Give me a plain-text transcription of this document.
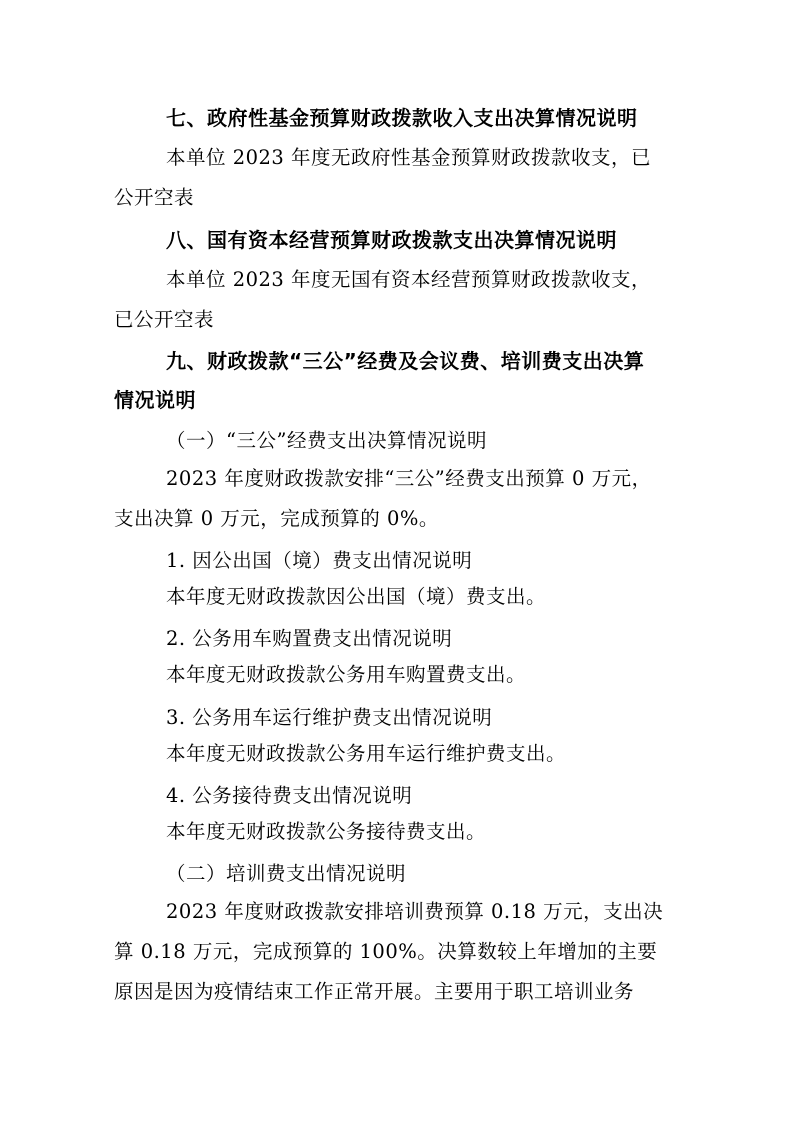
七、政府性基金预算财政拨款收入支出决算情况说明
本单位 2023 年度无政府性基金预算财政拨款收支，已
公开空表
八、国有资本经营预算财政拨款支出决算情况说明
本单位 2023 年度无国有资本经营预算财政拨款收支，
已公开空表
九、财政拨款“三公”经费及会议费、培训费支出决算
情况说明
（一）“三公”经费支出决算情况说明
2023 年度财政拨款安排“三公”经费支出预算 0 万元，
支出决算 0 万元，完成预算的 0%。
1. 因公出国（境）费支出情况说明
本年度无财政拨款因公出国（境）费支出。
2. 公务用车购置费支出情况说明
本年度无财政拨款公务用车购置费支出。
3. 公务用车运行维护费支出情况说明
本年度无财政拨款公务用车运行维护费支出。
4. 公务接待费支出情况说明
本年度无财政拨款公务接待费支出。
（二）培训费支出情况说明
2023 年度财政拨款安排培训费预算 0.18 万元，支出决
算 0.18 万元，完成预算的 100%。决算数较上年增加的主要
原因是因为疫情结束工作正常开展。主要用于职工培训业务
